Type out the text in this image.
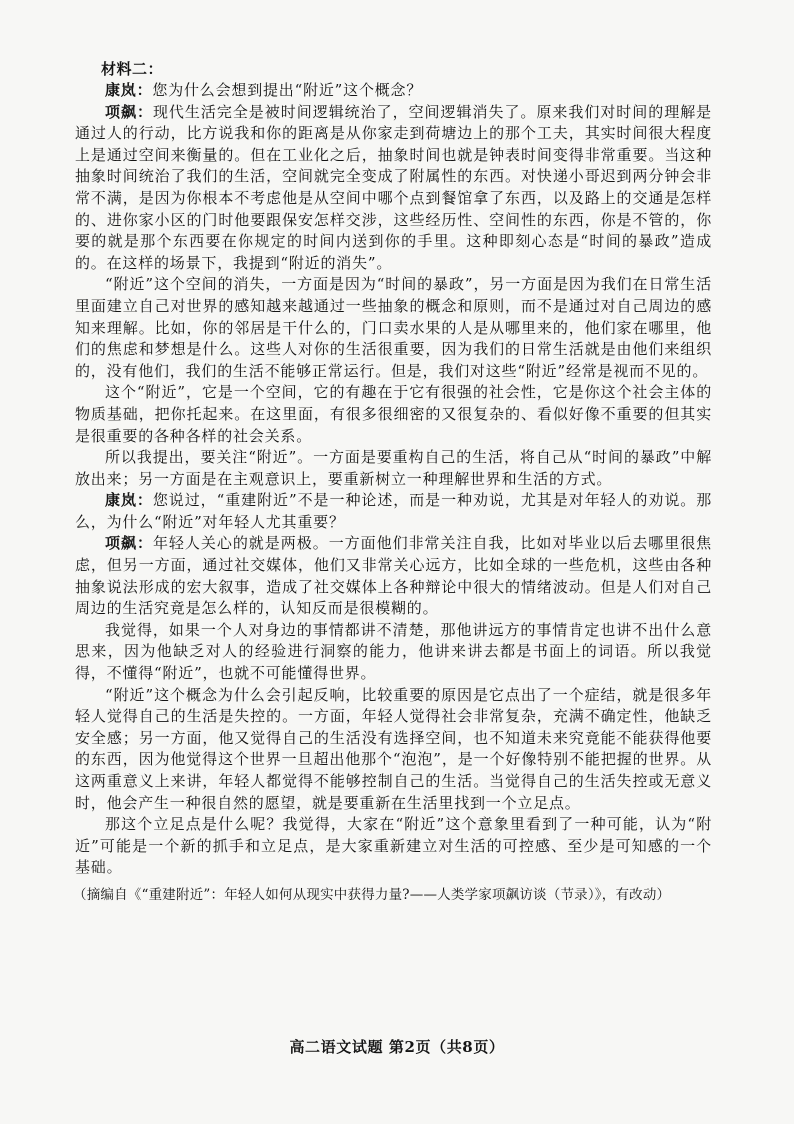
材料二：

康岚：您为什么会想到提出“附近”这个概念？

项飙：现代生活完全是被时间逻辑统治了，空间逻辑消失了。原来我们对时间的理解是通过人的行动，比方说我和你的距离是从你家走到荷塘边上的那个工夫，其实时间很大程度上是通过空间来衡量的。但在工业化之后，抽象时间也就是钟表时间变得非常重要。当这种抽象时间统治了我们的生活，空间就完全变成了附属性的东西。对快递小哥迟到两分钟会非常不满，是因为你根本不考虑他是从空间中哪个点到餐馆拿了东西，以及路上的交通是怎样的、进你家小区的门时他要跟保安怎样交涉，这些经历性、空间性的东西，你是不管的，你要的就是那个东西要在你规定的时间内送到你的手里。这种即刻心态是“时间的暴政”造成的。在这样的场景下，我提到“附近的消失”。

“附近”这个空间的消失，一方面是因为“时间的暴政”，另一方面是因为我们在日常生活里面建立自己对世界的感知越来越通过一些抽象的概念和原则，而不是通过对自己周边的感知来理解。比如，你的邻居是干什么的，门口卖水果的人是从哪里来的，他们家在哪里，他们的焦虑和梦想是什么。这些人对你的生活很重要，因为我们的日常生活就是由他们来组织的，没有他们，我们的生活不能够正常运行。但是，我们对这些“附近”经常是视而不见的。

这个“附近”，它是一个空间，它的有趣在于它有很强的社会性，它是你这个社会主体的物质基础，把你托起来。在这里面，有很多很细密的又很复杂的、看似好像不重要的但其实是很重要的各种各样的社会关系。

所以我提出，要关注“附近”。一方面是要重构自己的生活，将自己从“时间的暴政”中解放出来；另一方面是在主观意识上，要重新树立一种理解世界和生活的方式。

康岚：您说过，“重建附近”不是一种论述，而是一种劝说，尤其是对年轻人的劝说。那么，为什么“附近”对年轻人尤其重要？

项飙：年轻人关心的就是两极。一方面他们非常关注自我，比如对毕业以后去哪里很焦虑，但另一方面，通过社交媒体，他们又非常关心远方，比如全球的一些危机，这些由各种抽象说法形成的宏大叙事，造成了社交媒体上各种辩论中很大的情绪波动。但是人们对自己周边的生活究竟是怎么样的，认知反而是很模糊的。

我觉得，如果一个人对身边的事情都讲不清楚，那他讲远方的事情肯定也讲不出什么意思来，因为他缺乏对人的经验进行洞察的能力，他讲来讲去都是书面上的词语。所以我觉得，不懂得“附近”，也就不可能懂得世界。

“附近”这个概念为什么会引起反响，比较重要的原因是它点出了一个症结，就是很多年轻人觉得自己的生活是失控的。一方面，年轻人觉得社会非常复杂，充满不确定性，他缺乏安全感；另一方面，他又觉得自己的生活没有选择空间，也不知道未来究竟能不能获得他要的东西，因为他觉得这个世界一旦超出他那个“泡泡”，是一个好像特别不能把握的世界。从这两重意义上来讲，年轻人都觉得不能够控制自己的生活。当觉得自己的生活失控或无意义时，他会产生一种很自然的愿望，就是要重新在生活里找到一个立足点。

那这个立足点是什么呢？我觉得，大家在“附近”这个意象里看到了一种可能，认为“附近”可能是一个新的抓手和立足点，是大家重新建立对生活的可控感、至少是可知感的一个基础。

（摘编自《“重建附近”：年轻人如何从现实中获得力量?——人类学家项飙访谈（节录）》，有改动）
高二语文试题 第2页（共8页）
